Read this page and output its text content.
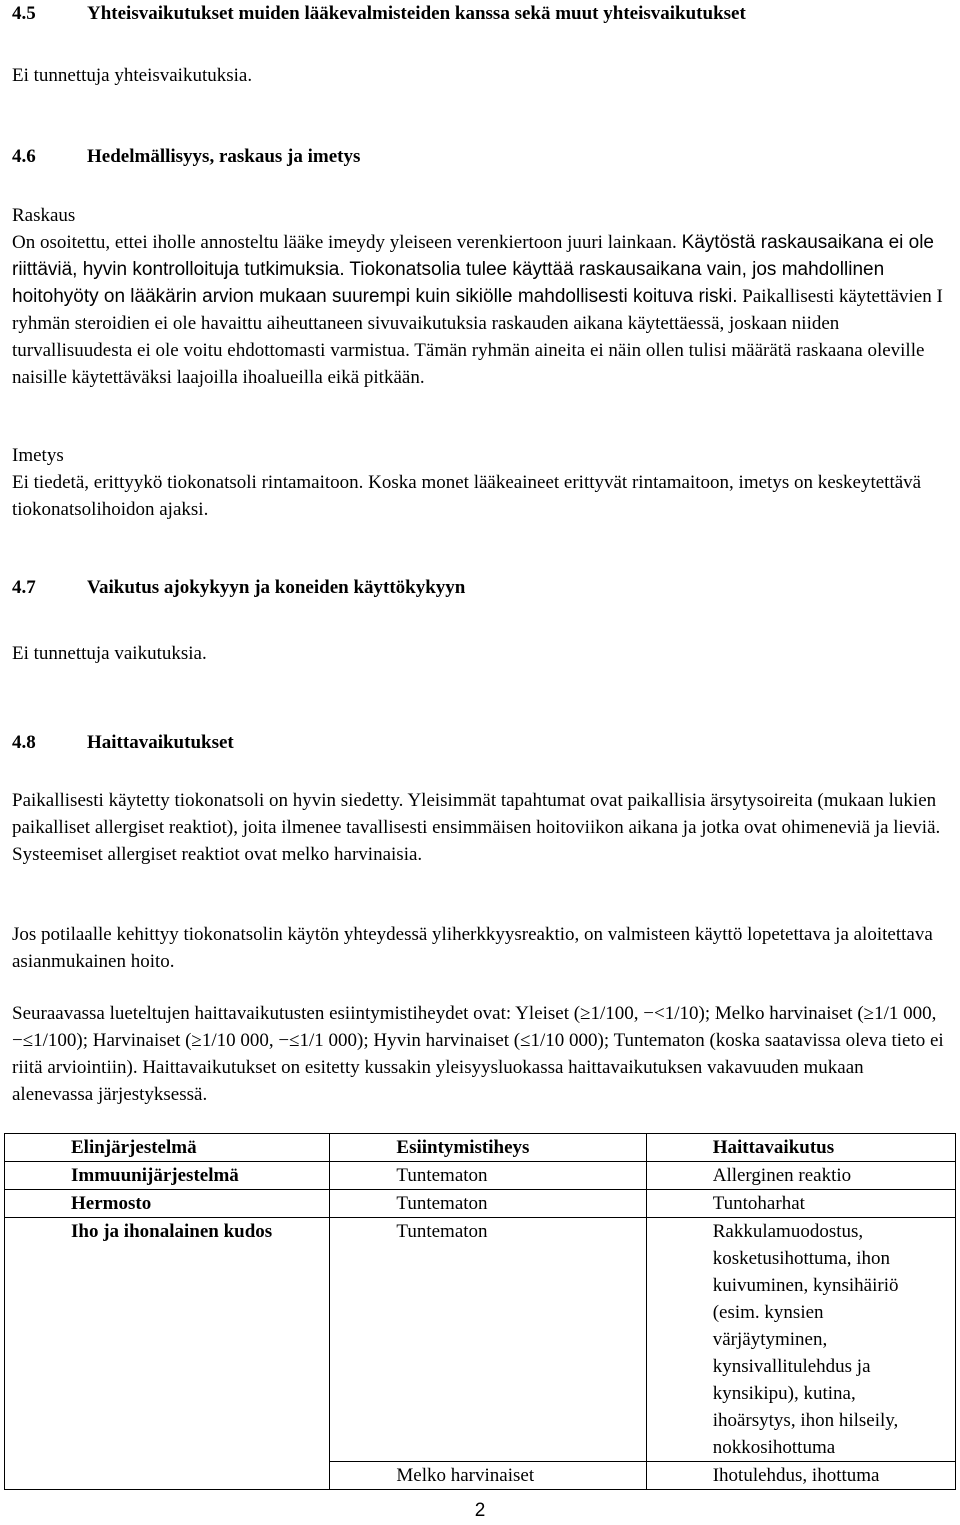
4.5	Yhteisvaikutukset muiden lääkevalmisteiden kanssa sekä muut yhteisvaikutukset

Ei tunnettuja yhteisvaikutuksia.

4.6	Hedelmällisyys, raskaus ja imetys

Raskaus

On osoitettu, ettei iholle annosteltu lääke imeydy yleiseen verenkiertoon juuri lainkaan. Käytöstä raskausaikana ei ole riittäviä, hyvin kontrolloituja tutkimuksia. Tiokonatsolia tulee käyttää raskausaikana vain, jos mahdollinen hoitohyöty on lääkärin arvion mukaan suurempi kuin sikiölle mahdollisesti koituva riski. Paikallisesti käytettävien I ryhmän steroidien ei ole havaittu aiheuttaneen sivuvaikutuksia raskauden aikana käytettäessä, joskaan niiden turvallisuudesta ei ole voitu ehdottomasti varmistua. Tämän ryhmän aineita ei näin ollen tulisi määrätä raskaana oleville naisille käytettäväksi laajoilla ihoalueilla eikä pitkään.

Imetys

Ei tiedetä, erittyykö tiokonatsoli rintamaitoon. Koska monet lääkeaineet erittyvät rintamaitoon, imetys on keskeytettävä tiokonatsolihoidon ajaksi.

4.7	Vaikutus ajokykyyn ja koneiden käyttökykyyn

Ei tunnettuja vaikutuksia.

4.8	Haittavaikutukset

Paikallisesti käytetty tiokonatsoli on hyvin siedetty. Yleisimmät tapahtumat ovat paikallisia ärsytysoireita (mukaan lukien paikalliset allergiset reaktiot), joita ilmenee tavallisesti ensimmäisen hoitoviikon aikana ja jotka ovat ohimeneviä ja lieviä. Systeemiset allergiset reaktiot ovat melko harvinaisia.

Jos potilaalle kehittyy tiokonatsolin käytön yhteydessä yliherkkyysreaktio, on valmisteen käyttö lopetettava ja aloitettava asianmukainen hoito.

Seuraavassa lueteltujen haittavaikutusten esiintymistiheydet ovat: Yleiset (≥1/100, −<1/10); Melko harvinaiset (≥1/1 000, −≤1/100); Harvinaiset (≥1/10 000, −≤1/1 000); Hyvin harvinaiset (≤1/10 000); Tuntematon (koska saatavissa oleva tieto ei riitä arviointiin). Haittavaikutukset on esitetty kussakin yleisyysluokassa haittavaikutuksen vakavuuden mukaan alenevassa järjestyksessä.

Elinjärjestelmä	Esiintymistiheys	Haittavaikutus
Immuunijärjestelmä	Tuntematon	Allerginen reaktio
Hermosto	Tuntematon	Tuntoharhat
Iho ja ihonalainen kudos	Tuntematon	Rakkulamuodostus, kosketusihottuma, ihon kuivuminen, kynsihäiriö (esim. kynsien värjäytyminen, kynsivallitulehdus ja kynsikipu), kutina, ihoärsytys, ihon hilseily, nokkosihottuma
	Melko harvinaiset	Ihotulehdus, ihottuma
2
